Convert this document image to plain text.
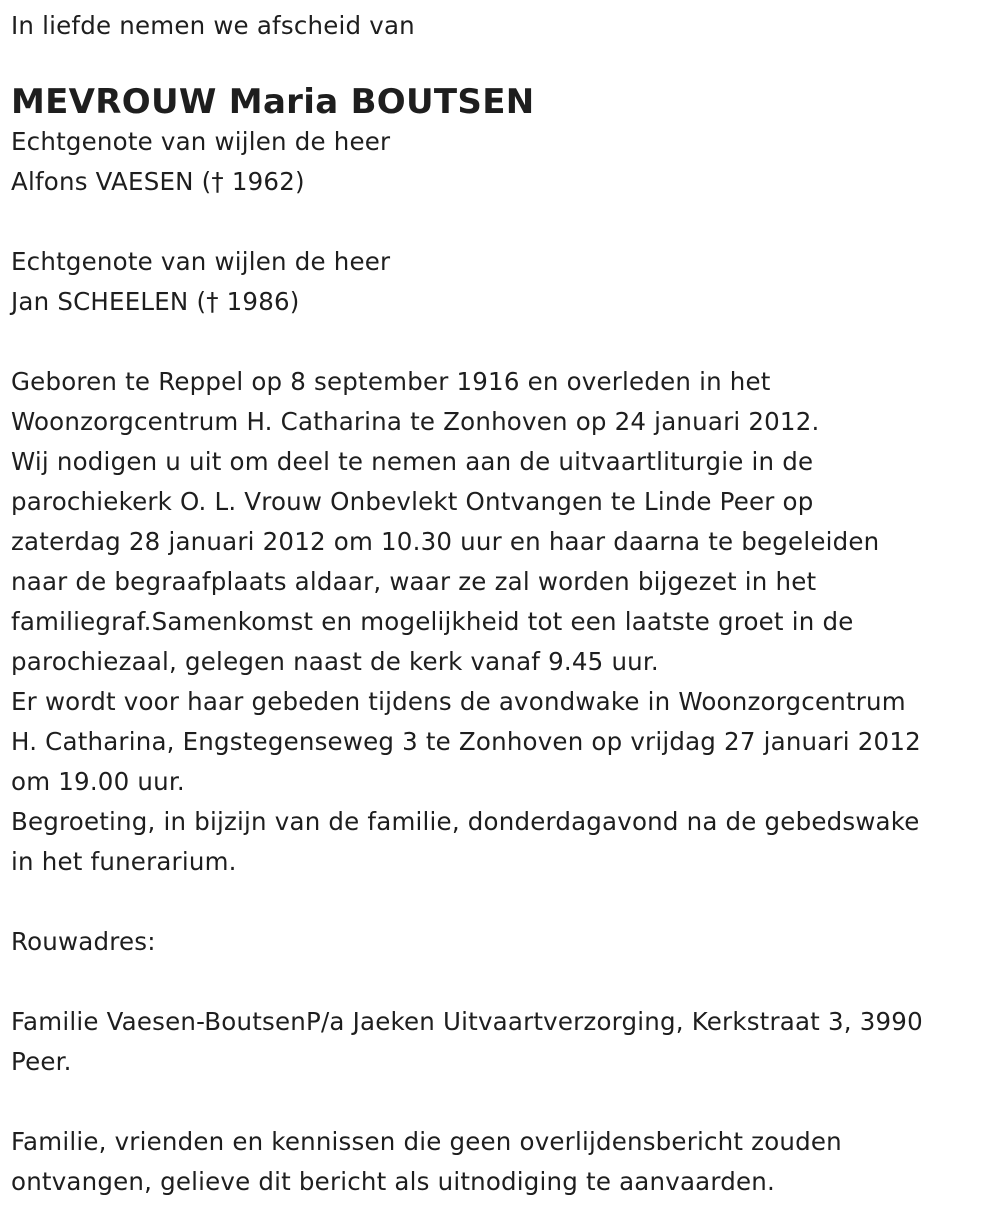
In liefde nemen we afscheid van
MEVROUW Maria BOUTSEN
Echtgenote van wijlen de heer
Alfons VAESEN († 1962)
Echtgenote van wijlen de heer
Jan SCHEELEN († 1986)
Geboren te Reppel op 8 september 1916 en overleden in het
Woonzorgcentrum H. Catharina te Zonhoven op 24 januari 2012.
Wij nodigen u uit om deel te nemen aan de uitvaartliturgie in de
parochiekerk O. L. Vrouw Onbevlekt Ontvangen te Linde Peer op
zaterdag 28 januari 2012 om 10.30 uur en haar daarna te begeleiden
naar de begraafplaats aldaar, waar ze zal worden bijgezet in het
familiegraf.Samenkomst en mogelijkheid tot een laatste groet in de
parochiezaal, gelegen naast de kerk vanaf 9.45 uur.
Er wordt voor haar gebeden tijdens de avondwake in Woonzorgcentrum
H. Catharina, Engstegenseweg 3 te Zonhoven op vrijdag 27 januari 2012
om 19.00 uur.
Begroeting, in bijzijn van de familie, donderdagavond na de gebedswake
in het funerarium.
Rouwadres:
Familie Vaesen-BoutsenP/a Jaeken Uitvaartverzorging, Kerkstraat 3, 3990
Peer.
Familie, vrienden en kennissen die geen overlijdensbericht zouden
ontvangen, gelieve dit bericht als uitnodiging te aanvaarden.
